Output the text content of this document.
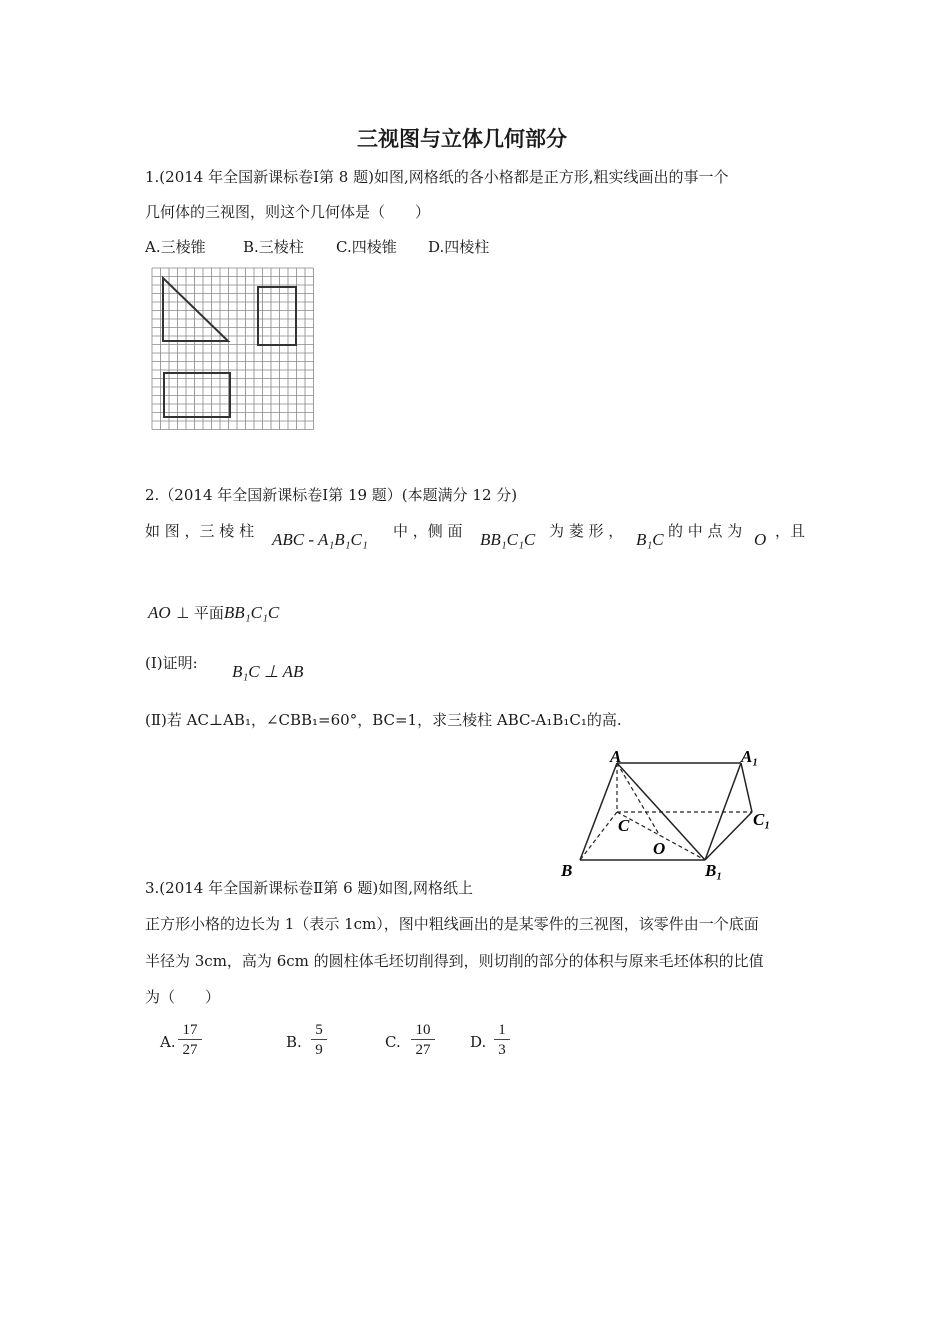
三视图与立体几何部分
1.(2014 年全国新课标卷Ⅰ第 8 题)如图,网格纸的各小格都是正方形,粗实线画出的事一个
几何体的三视图，则这个几何体是（　　）
A.三棱锥 B.三棱柱 C.四棱锥 D.四棱柱
2.（2014 年全国新课标卷Ⅰ第 19 题）(本题满分 12 分)
如 图 ，三 棱 柱 ABC - A₁B₁C₁ 中 ，侧 面 BB₁C₁C 为 菱 形 ， B₁C 的 中 点 为 O ，且
AO ⊥ 平面BB₁C₁C
(Ⅰ)证明: B₁C ⊥ AB
(Ⅱ)若 AC⊥AB₁，∠CBB₁=60°，BC=1，求三棱柱 ABC-A₁B₁C₁的高.
A	A₁
C	C₁
O
B	B₁
3.(2014 年全国新课标卷Ⅱ第 6 题)如图,网格纸上
正方形小格的边长为 1（表示 1cm），图中粗线画出的是某零件的三视图，该零件由一个底面
半径为 3cm，高为 6cm 的圆柱体毛坯切削得到，则切削的部分的体积与原来毛坯体积的比值
为（　　）
A. $\frac{17}{27}$	B. $\frac{5}{9}$	C. $\frac{10}{27} D$. $\frac{1}{3}$
